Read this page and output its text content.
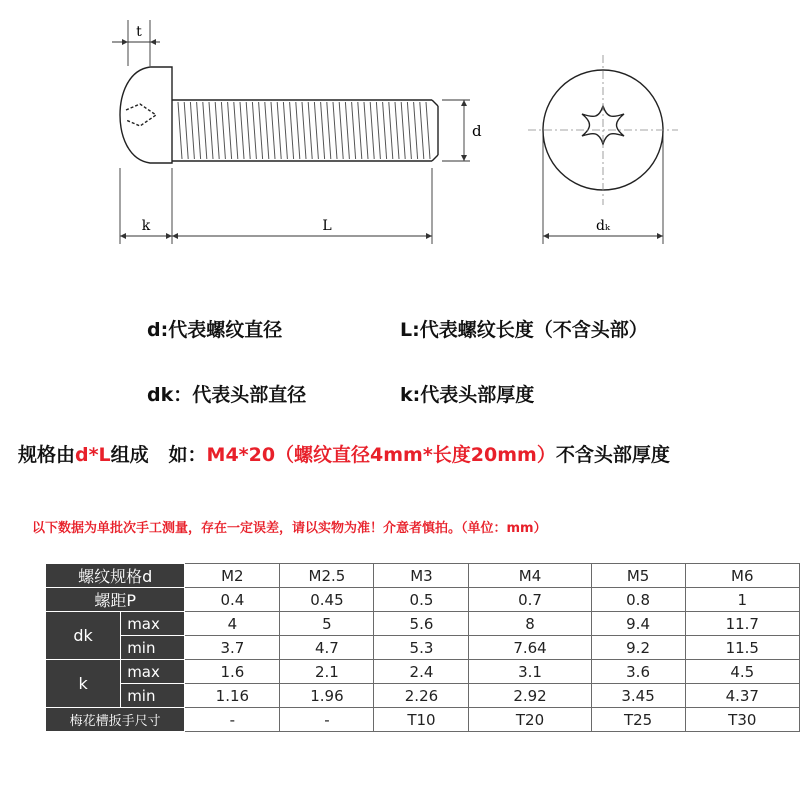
t
d
k	L	dₖ
d:代表螺纹直径	L:代表螺纹长度（不含头部）
dk：代表头部直径	k:代表头部厚度
规格由d*L组成   如：M4*20（螺纹直径4mm*长度20mm）不含头部厚度
以下数据为单批次手工测量，存在一定误差，请以实物为准！介意者慎拍。（单位：mm）
螺纹规格d		M2	M2.5	M3	M4	M5	M6
螺距P		0.4	0.45	0.5	0.7	0.8	1
dk	max	4	5	5.6	8	9.4	11.7
	min	3.7	4.7	5.3	7.64	9.2	11.5
k	max	1.6	2.1	2.4	3.1	3.6	4.5
	min	1.16	1.96	2.26	2.92	3.45	4.37
梅花槽扳手尺寸		-	-	T10	T20	T25	T30
